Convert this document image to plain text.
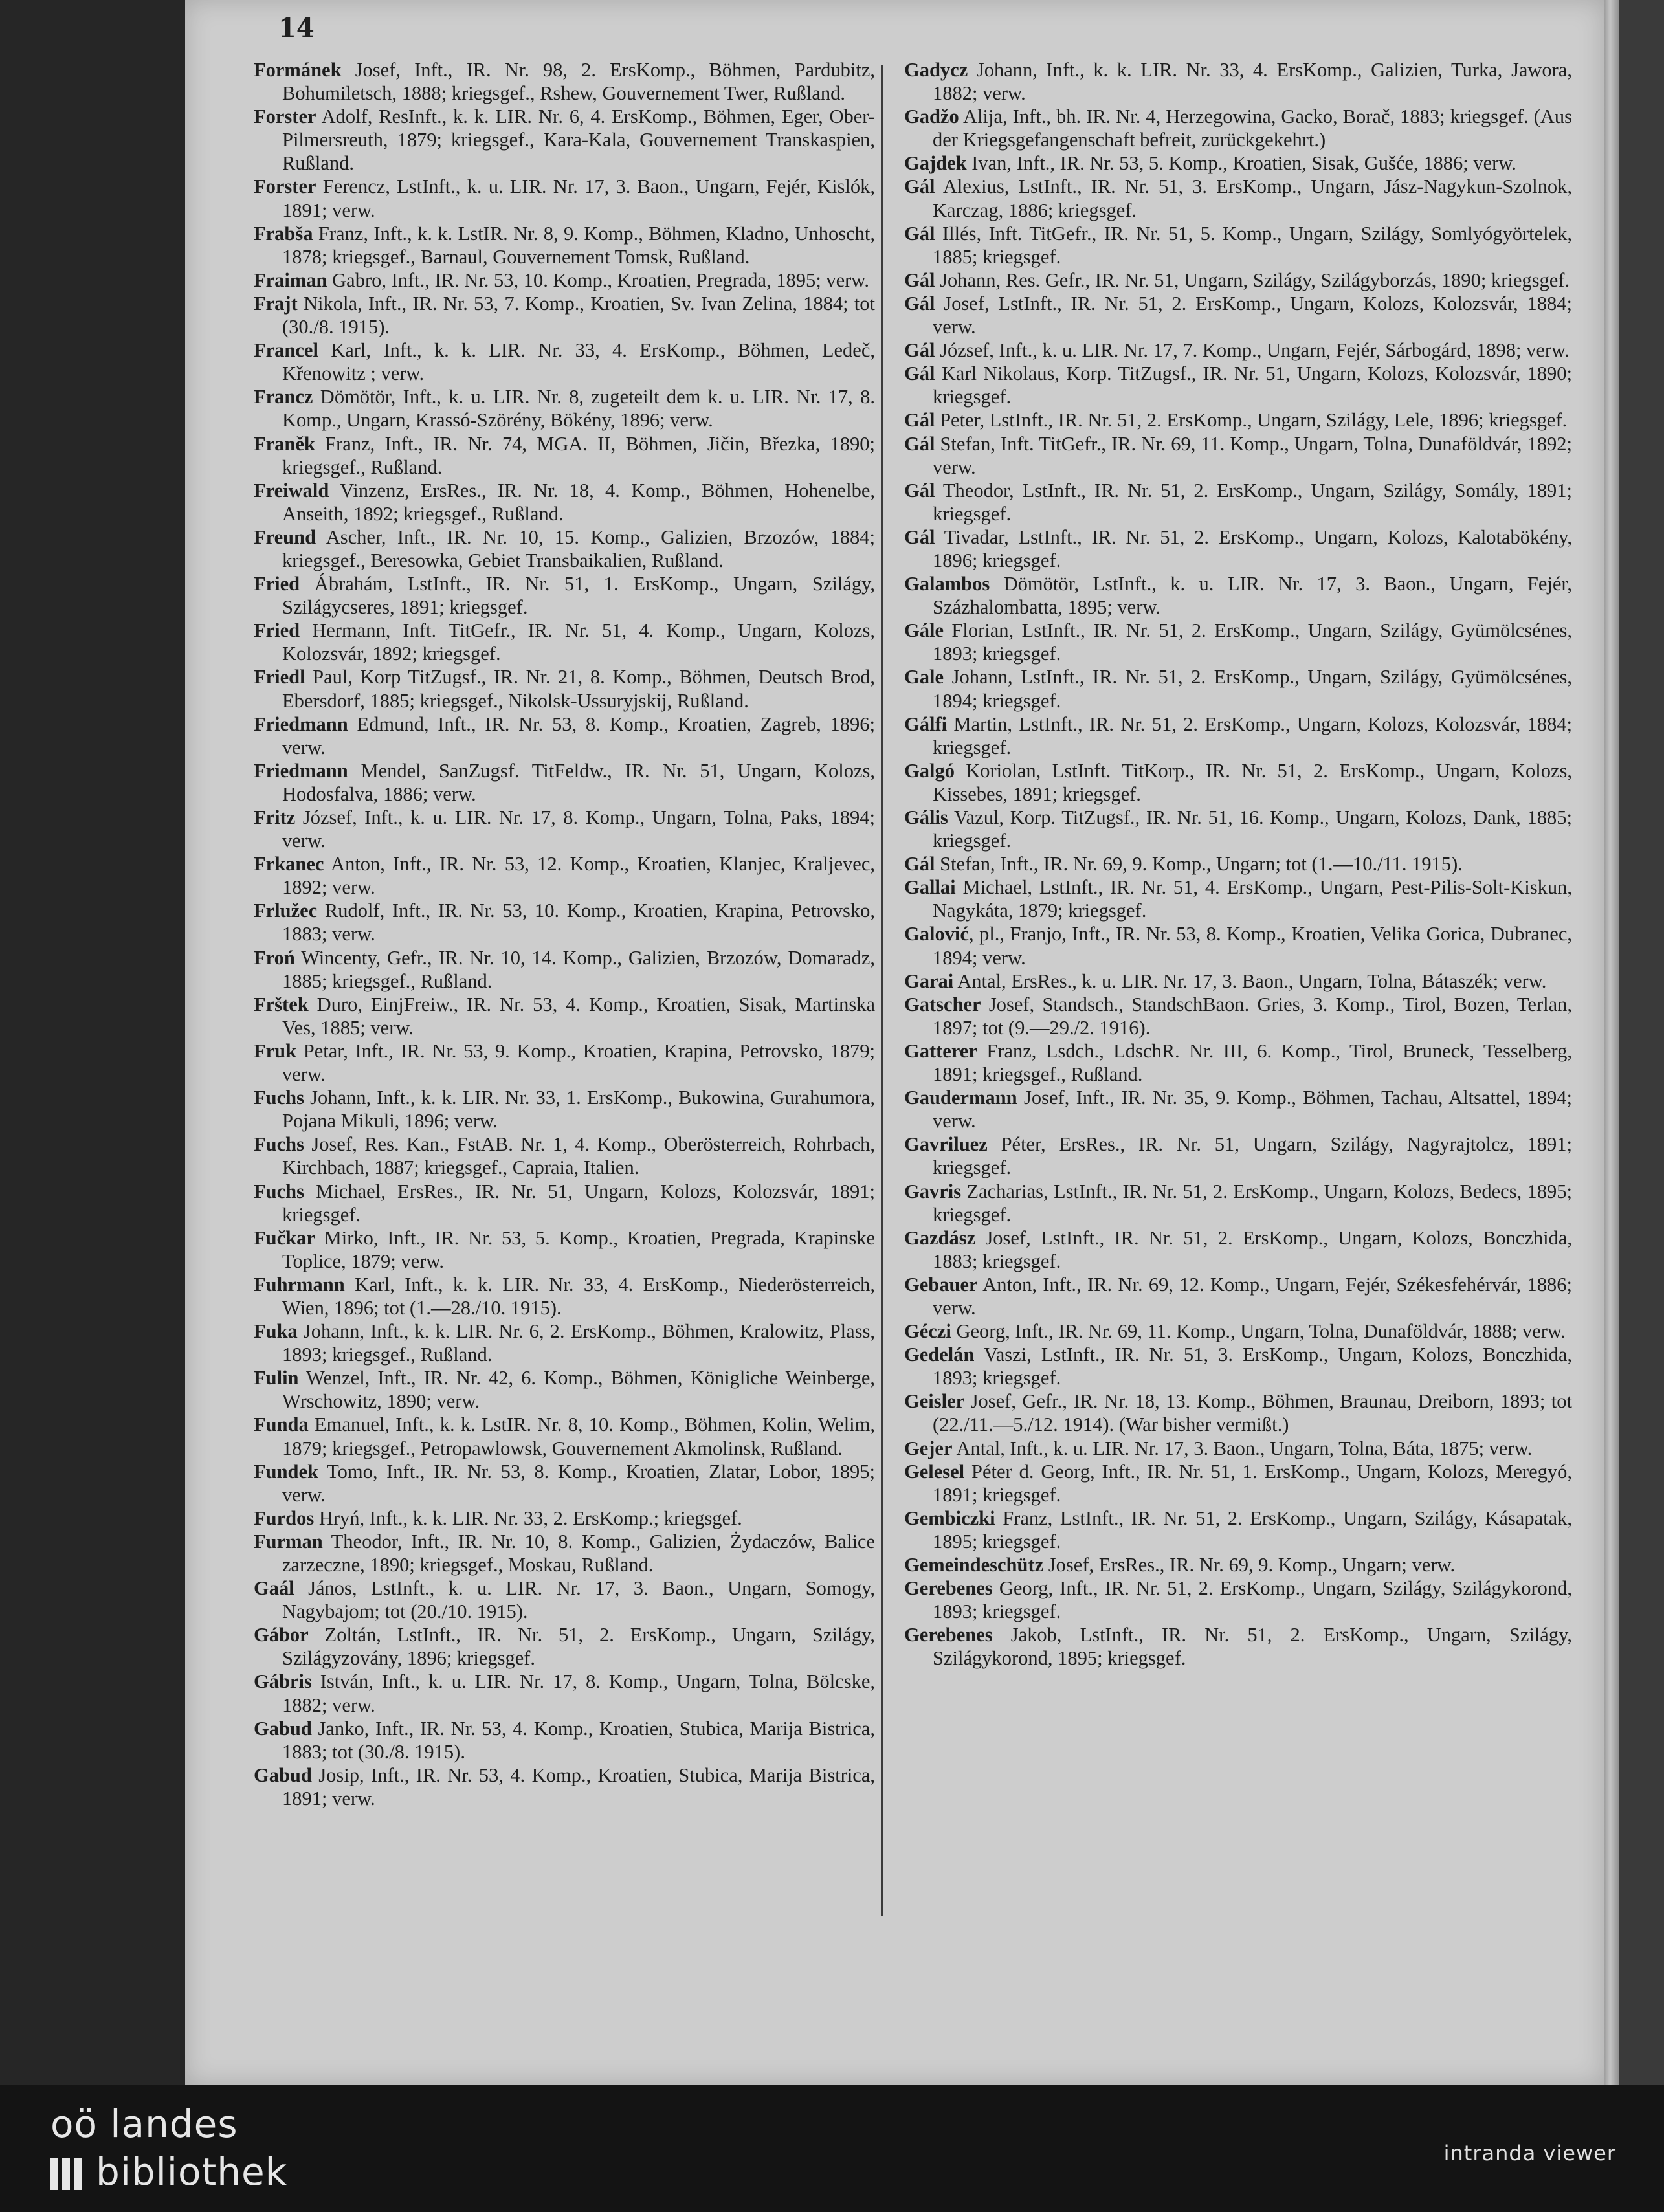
14

Formánek Josef, Inft., IR. Nr. 98, 2. ErsKomp., Böhmen, Pardubitz, Bohumiletsch, 1888; kriegsgef., Rshew, Gouvernement Twer, Rußland.

Forster Adolf, ResInft., k. k. LIR. Nr. 6, 4. ErsKomp., Böhmen, Eger, Ober-Pilmersreuth, 1879; kriegsgef., Kara-Kala, Gouvernement Transkaspien, Rußland.

Forster Ferencz, LstInft., k. u. LIR. Nr. 17, 3. Baon., Ungarn, Fejér, Kislók, 1891; verw.

Frabša Franz, Inft., k. k. LstIR. Nr. 8, 9. Komp., Böhmen, Kladno, Unhoscht, 1878; kriegsgef., Barnaul, Gouvernement Tomsk, Rußland.

Fraiman Gabro, Inft., IR. Nr. 53, 10. Komp., Kroatien, Pregrada, 1895; verw.

Frajt Nikola, Inft., IR. Nr. 53, 7. Komp., Kroatien, Sv. Ivan Zelina, 1884; tot (30./8. 1915).

Francel Karl, Inft., k. k. LIR. Nr. 33, 4. ErsKomp., Böhmen, Ledeč, Křenowitz ; verw.

Francz Dömötör, Inft., k. u. LIR. Nr. 8, zugeteilt dem k. u. LIR. Nr. 17, 8. Komp., Ungarn, Krassó-Szörény, Bökény, 1896; verw.

Franěk Franz, Inft., IR. Nr. 74, MGA. II, Böhmen, Jičin, Březka, 1890; kriegsgef., Rußland.

Freiwald Vinzenz, ErsRes., IR. Nr. 18, 4. Komp., Böhmen, Hohenelbe, Anseith, 1892; kriegsgef., Rußland.

Freund Ascher, Inft., IR. Nr. 10, 15. Komp., Galizien, Brzozów, 1884; kriegsgef., Beresowka, Gebiet Transbaikalien, Rußland.

Fried Ábrahám, LstInft., IR. Nr. 51, 1. ErsKomp., Ungarn, Szilágy, Szilágycseres, 1891; kriegsgef.

Fried Hermann, Inft. TitGefr., IR. Nr. 51, 4. Komp., Ungarn, Kolozs, Kolozsvár, 1892; kriegsgef.

Friedl Paul, Korp TitZugsf., IR. Nr. 21, 8. Komp., Böhmen, Deutsch Brod, Ebersdorf, 1885; kriegsgef., Nikolsk-Ussuryjskij, Rußland.

Friedmann Edmund, Inft., IR. Nr. 53, 8. Komp., Kroatien, Zagreb, 1896; verw.

Friedmann Mendel, SanZugsf. TitFeldw., IR. Nr. 51, Ungarn, Kolozs, Hodosfalva, 1886; verw.

Fritz József, Inft., k. u. LIR. Nr. 17, 8. Komp., Ungarn, Tolna, Paks, 1894; verw.

Frkanec Anton, Inft., IR. Nr. 53, 12. Komp., Kroatien, Klanjec, Kraljevec, 1892; verw.

Frlužec Rudolf, Inft., IR. Nr. 53, 10. Komp., Kroatien, Krapina, Petrovsko, 1883; verw.

Froń Wincenty, Gefr., IR. Nr. 10, 14. Komp., Galizien, Brzozów, Domaradz, 1885; kriegsgef., Rußland.

Fršt​ek Duro, EinjFreiw., IR. Nr. 53, 4. Komp., Kroatien, Sisak, Martinska Ves, 1885; verw.

Fruk Petar, Inft., IR. Nr. 53, 9. Komp., Kroatien, Krapina, Petrovsko, 1879; verw.

Fuchs Johann, Inft., k. k. LIR. Nr. 33, 1. ErsKomp., Bukowina, Gurahumora, Pojana Mikuli, 1896; verw.

Fuchs Josef, Res. Kan., FstAB. Nr. 1, 4. Komp., Oberösterreich, Rohrbach, Kirchbach, 1887; kriegsgef., Capraia, Italien.

Fuchs Michael, ErsRes., IR. Nr. 51, Ungarn, Kolozs, Kolozsvár, 1891; kriegsgef.

Fučkar Mirko, Inft., IR. Nr. 53, 5. Komp., Kroatien, Pregrada, Krapinske Toplice, 1879; verw.

Fuhrmann Karl, Inft., k. k. LIR. Nr. 33, 4. ErsKomp., Niederösterreich, Wien, 1896; tot (1.—28./10. 1915).

Fuka Johann, Inft., k. k. LIR. Nr. 6, 2. ErsKomp., Böhmen, Kralowitz, Plass, 1893; kriegsgef., Rußland.

Fulin Wenzel, Inft., IR. Nr. 42, 6. Komp., Böhmen, Königliche Weinberge, Wrschowitz, 1890; verw.

Funda Emanuel, Inft., k. k. LstIR. Nr. 8, 10. Komp., Böhmen, Kolin, Welim, 1879; kriegsgef., Petropawlowsk, Gouvernement Akmolinsk, Rußland.

Fundek Tomo, Inft., IR. Nr. 53, 8. Komp., Kroatien, Zlatar, Lobor, 1895; verw.

Furdos Hryń, Inft., k. k. LIR. Nr. 33, 2. ErsKomp.; kriegsgef.

Furman Theodor, Inft., IR. Nr. 10, 8. Komp., Galizien, Żydaczów, Balice zarzeczne, 1890; kriegsgef., Moskau, Rußland.

Gaál János, LstInft., k. u. LIR. Nr. 17, 3. Baon., Ungarn, Somogy, Nagybajom; tot (20./10. 1915).

Gábor Zoltán, LstInft., IR. Nr. 51, 2. ErsKomp., Ungarn, Szilágy, Szilágyzovány, 1896; kriegsgef.

Gábris István, Inft., k. u. LIR. Nr. 17, 8. Komp., Ungarn, Tolna, Bölcske, 1882; verw.

Gabud Janko, Inft., IR. Nr. 53, 4. Komp., Kroatien, Stubica, Marija Bistrica, 1883; tot (30./8. 1915).

Gabud Josip, Inft., IR. Nr. 53, 4. Komp., Kroatien, Stubica, Marija Bistrica, 1891; verw.

Gadycz Johann, Inft., k. k. LIR. Nr. 33, 4. ErsKomp., Galizien, Turka, Jawora, 1882; verw.

Gadžo Alija, Inft., bh. IR. Nr. 4, Herzegowina, Gacko, Borač, 1883; kriegsgef. (Aus der Kriegsgefangenschaft befreit, zurückgekehrt.)

Gajdek Ivan, Inft., IR. Nr. 53, 5. Komp., Kroatien, Sisak, Gušće, 1886; verw.

Gál Alexius, LstInft., IR. Nr. 51, 3. ErsKomp., Ungarn, Jász-Nagykun-Szolnok, Karczag, 1886; kriegsgef.

Gál Illés, Inft. TitGefr., IR. Nr. 51, 5. Komp., Ungarn, Szilágy, Somlyógyörtelek, 1885; kriegsgef.

Gál Johann, Res. Gefr., IR. Nr. 51, Ungarn, Szilágy, Szilágyborzás, 1890; kriegsgef.

Gál Josef, LstInft., IR. Nr. 51, 2. ErsKomp., Ungarn, Kolozs, Kolozsvár, 1884; verw.

Gál József, Inft., k. u. LIR. Nr. 17, 7. Komp., Ungarn, Fejér, Sárbogárd, 1898; verw.

Gál Karl Nikolaus, Korp. TitZugsf., IR. Nr. 51, Ungarn, Kolozs, Kolozsvár, 1890; kriegsgef.

Gál Peter, LstInft., IR. Nr. 51, 2. ErsKomp., Ungarn, Szilágy, Lele, 1896; kriegsgef.

Gál Stefan, Inft. TitGefr., IR. Nr. 69, 11. Komp., Ungarn, Tolna, Dunaföldvár, 1892; verw.

Gál Theodor, LstInft., IR. Nr. 51, 2. ErsKomp., Ungarn, Szilágy, Somály, 1891; kriegsgef.

Gál Tivadar, LstInft., IR. Nr. 51, 2. ErsKomp., Ungarn, Kolozs, Kalotabökény, 1896; kriegsgef.

Galambos Dömötör, LstInft., k. u. LIR. Nr. 17, 3. Baon., Ungarn, Fejér, Százhalombatta, 1895; verw.

Gále Florian, LstInft., IR. Nr. 51, 2. ErsKomp., Ungarn, Szilágy, Gyümölcsénes, 1893; kriegsgef.

Gale Johann, LstInft., IR. Nr. 51, 2. ErsKomp., Ungarn, Szilágy, Gyümölcsénes, 1894; kriegsgef.

Gálfi Martin, LstInft., IR. Nr. 51, 2. ErsKomp., Ungarn, Kolozs, Kolozsvár, 1884; kriegsgef.

Galgó Koriolan, LstInft. TitKorp., IR. Nr. 51, 2. ErsKomp., Ungarn, Kolozs, Kissebes, 1891; kriegsgef.

Gális Vazul, Korp. TitZugsf., IR. Nr. 51, 16. Komp., Ungarn, Kolozs, Dank, 1885; kriegsgef.

Gál Stefan, Inft., IR. Nr. 69, 9. Komp., Ungarn; tot (1.—10./11. 1915).

Gallai Michael, LstInft., IR. Nr. 51, 4. ErsKomp., Ungarn, Pest-Pilis-Solt-Kiskun, Nagykáta, 1879; kriegsgef.

Galović, pl., Franjo, Inft., IR. Nr. 53, 8. Komp., Kroatien, Velika Gorica, Dubranec, 1894; verw.

Garai Antal, ErsRes., k. u. LIR. Nr. 17, 3. Baon., Ungarn, Tolna, Bátaszék; verw.

Gatscher Josef, Standsch., StandschBaon. Gries, 3. Komp., Tirol, Bozen, Terlan, 1897; tot (9.—29./2. 1916).

Gatterer Franz, Lsdch., LdschR. Nr. III, 6. Komp., Tirol, Bruneck, Tesselberg, 1891; kriegsgef., Rußland.

Gaudermann Josef, Inft., IR. Nr. 35, 9. Komp., Böhmen, Tachau, Altsattel, 1894; verw.

Gavriluez Péter, ErsRes., IR. Nr. 51, Ungarn, Szilágy, Nagyrajtolcz, 1891; kriegsgef.

Gavris Zacharias, LstInft., IR. Nr. 51, 2. ErsKomp., Ungarn, Kolozs, Bedecs, 1895; kriegsgef.

Gazdász Josef, LstInft., IR. Nr. 51, 2. ErsKomp., Ungarn, Kolozs, Bonczhida, 1883; kriegsgef.

Gebauer Anton, Inft., IR. Nr. 69, 12. Komp., Ungarn, Fejér, Székesfehérvár, 1886; verw.

Géczi Georg, Inft., IR. Nr. 69, 11. Komp., Ungarn, Tolna, Dunaföldvár, 1888; verw.

Gedelán Vaszi, LstInft., IR. Nr. 51, 3. ErsKomp., Ungarn, Kolozs, Bonczhida, 1893; kriegsgef.

Geisler Josef, Gefr., IR. Nr. 18, 13. Komp., Böhmen, Braunau, Dreiborn, 1893; tot (22./11.—5./12. 1914). (War bisher vermißt.)

Gejer Antal, Inft., k. u. LIR. Nr. 17, 3. Baon., Ungarn, Tolna, Báta, 1875; verw.

Gelesel Péter d. Georg, Inft., IR. Nr. 51, 1. ErsKomp., Ungarn, Kolozs, Meregyó, 1891; kriegsgef.

Gembiczki Franz, LstInft., IR. Nr. 51, 2. ErsKomp., Ungarn, Szilágy, Kásapatak, 1895; kriegsgef.

Gemeindeschütz Josef, ErsRes., IR. Nr. 69, 9. Komp., Ungarn; verw.

Gerebenes Georg, Inft., IR. Nr. 51, 2. ErsKomp., Ungarn, Szilágy, Szilágykorond, 1893; kriegsgef.

Gerebenes Jakob, LstInft., IR. Nr. 51, 2. ErsKomp., Ungarn, Szilágy, Szilágykorond, 1895; kriegsgef.

oö landes
bibliothek	intranda viewer
